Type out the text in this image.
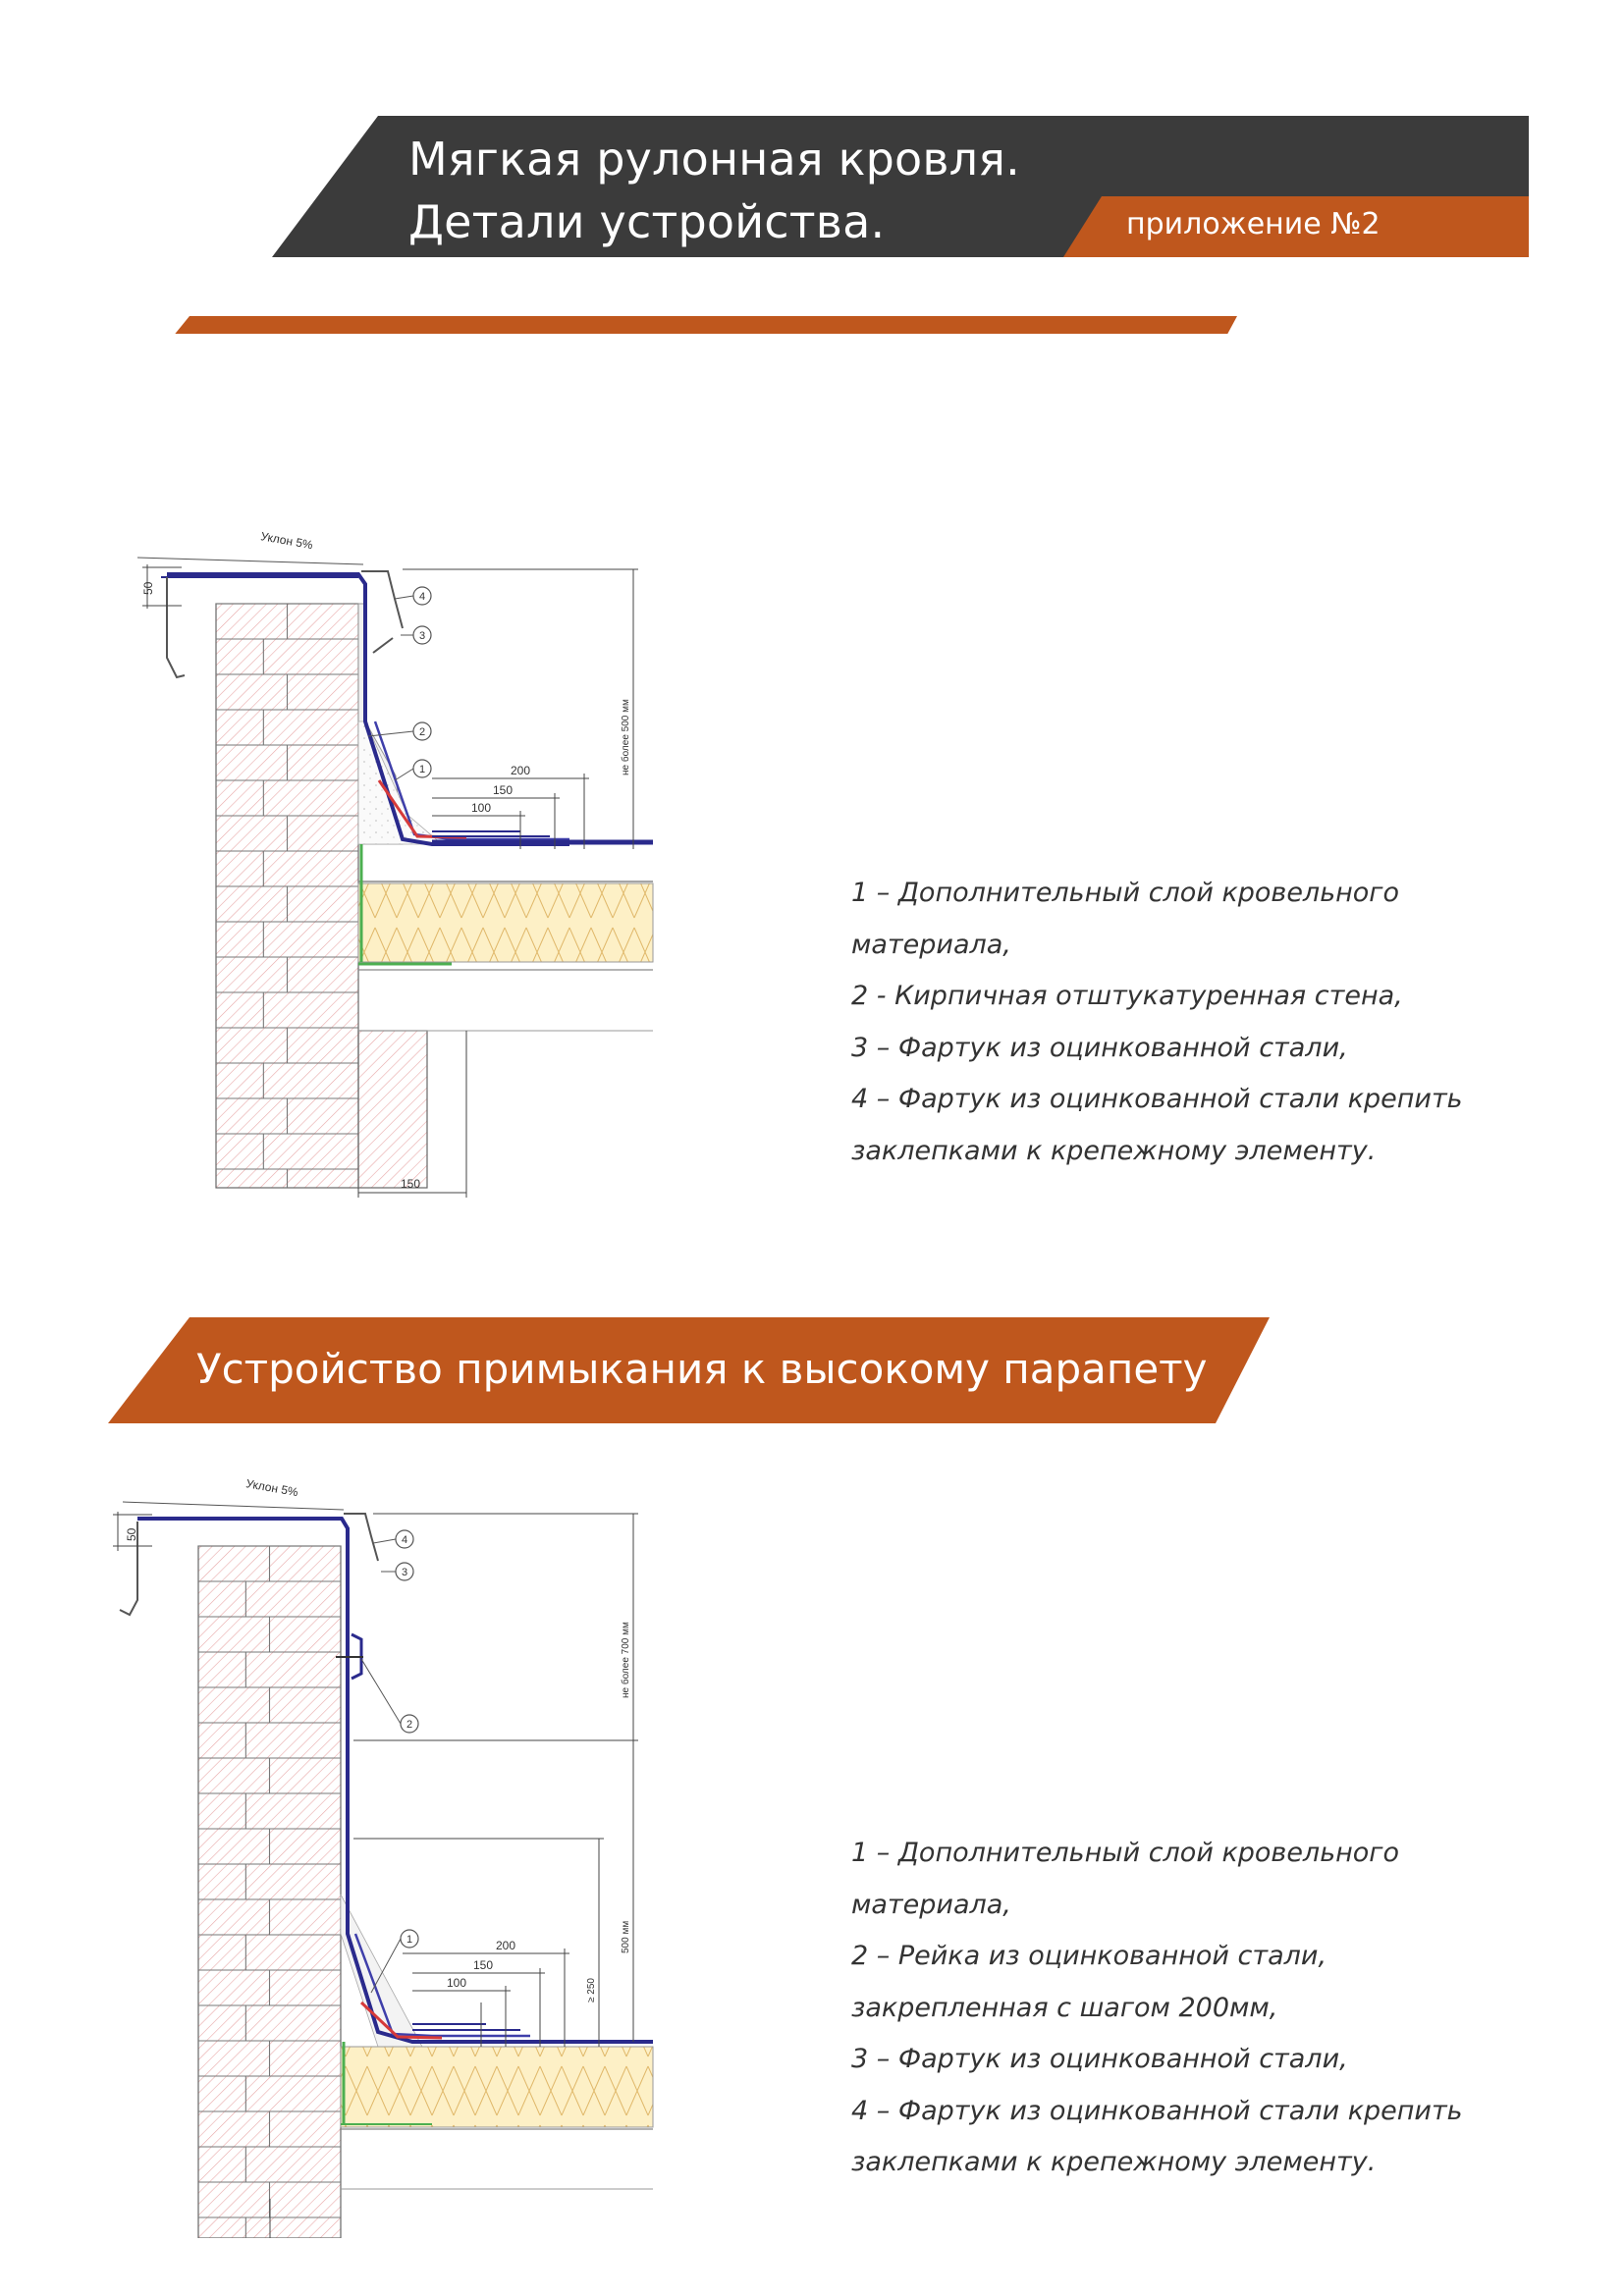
Мягкая рулонная кровля.
Детали устройства.	приложение №2
Устройство примыкания к парапетной стене
высотой не более 500 мм
4
3
2
1
Уклон 5%
50
200
150
100
150
не более 500 мм
1 – Дополнительный слой кровельного
материала,
2 - Кирпичная отштукатуренная стена,
3 – Фартук из оцинкованной стали,
4 – Фартук из оцинкованной стали крепить
заклепками к крепежному элементу.
Устройство примыкания к высокому парапету
4
3
2
1
Уклон 5%
50
200
150
100
не более 700 мм
500 мм
≥ 250
1 – Дополнительный слой кровельного
материала,
2 – Рейка из оцинкованной стали,
закрепленная с шагом 200мм,
3 – Фартук из оцинкованной стали,
4 – Фартук из оцинкованной стали крепить
заклепками к крепежному элементу.
